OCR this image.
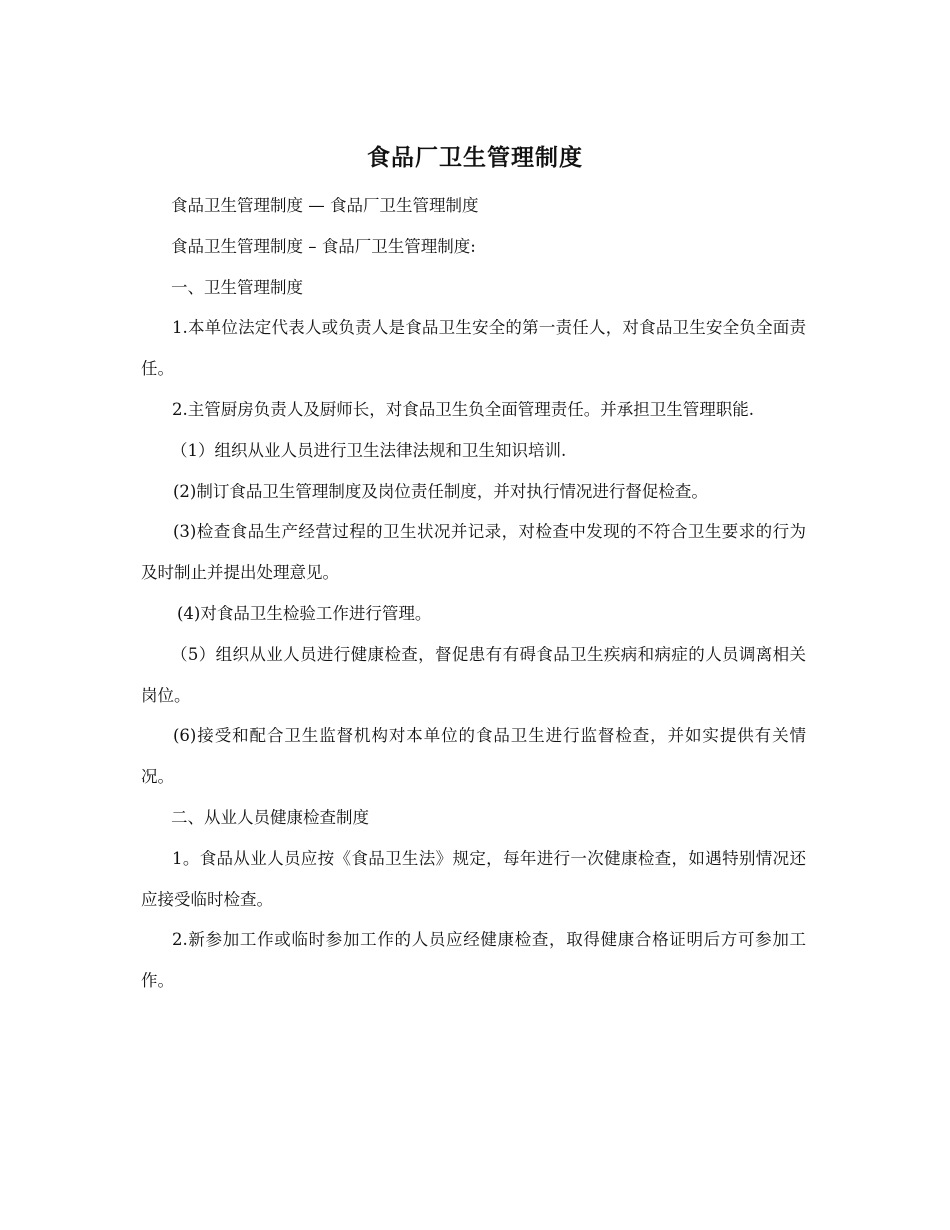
食品厂卫生管理制度

食品卫生管理制度 — 食品厂卫生管理制度

食品卫生管理制度 – 食品厂卫生管理制度:

一、卫生管理制度

1.本单位法定代表人或负责人是食品卫生安全的第一责任人，对食品卫生安全负全面责任。

2.主管厨房负责人及厨师长，对食品卫生负全面管理责任。并承担卫生管理职能.

（1）组织从业人员进行卫生法律法规和卫生知识培训.

(2)制订食品卫生管理制度及岗位责任制度，并对执行情况进行督促检查。

(3)检查食品生产经营过程的卫生状况并记录，对检查中发现的不符合卫生要求的行为及时制止并提出处理意见。

(4)对食品卫生检验工作进行管理。

（5）组织从业人员进行健康检查，督促患有有碍食品卫生疾病和病症的人员调离相关岗位。

(6)接受和配合卫生监督机构对本单位的食品卫生进行监督检查，并如实提供有关情况。

二、从业人员健康检查制度

1。食品从业人员应按《食品卫生法》规定，每年进行一次健康检查，如遇特别情况还应接受临时检查。

2.新参加工作或临时参加工作的人员应经健康检查，取得健康合格证明后方可参加工作。
